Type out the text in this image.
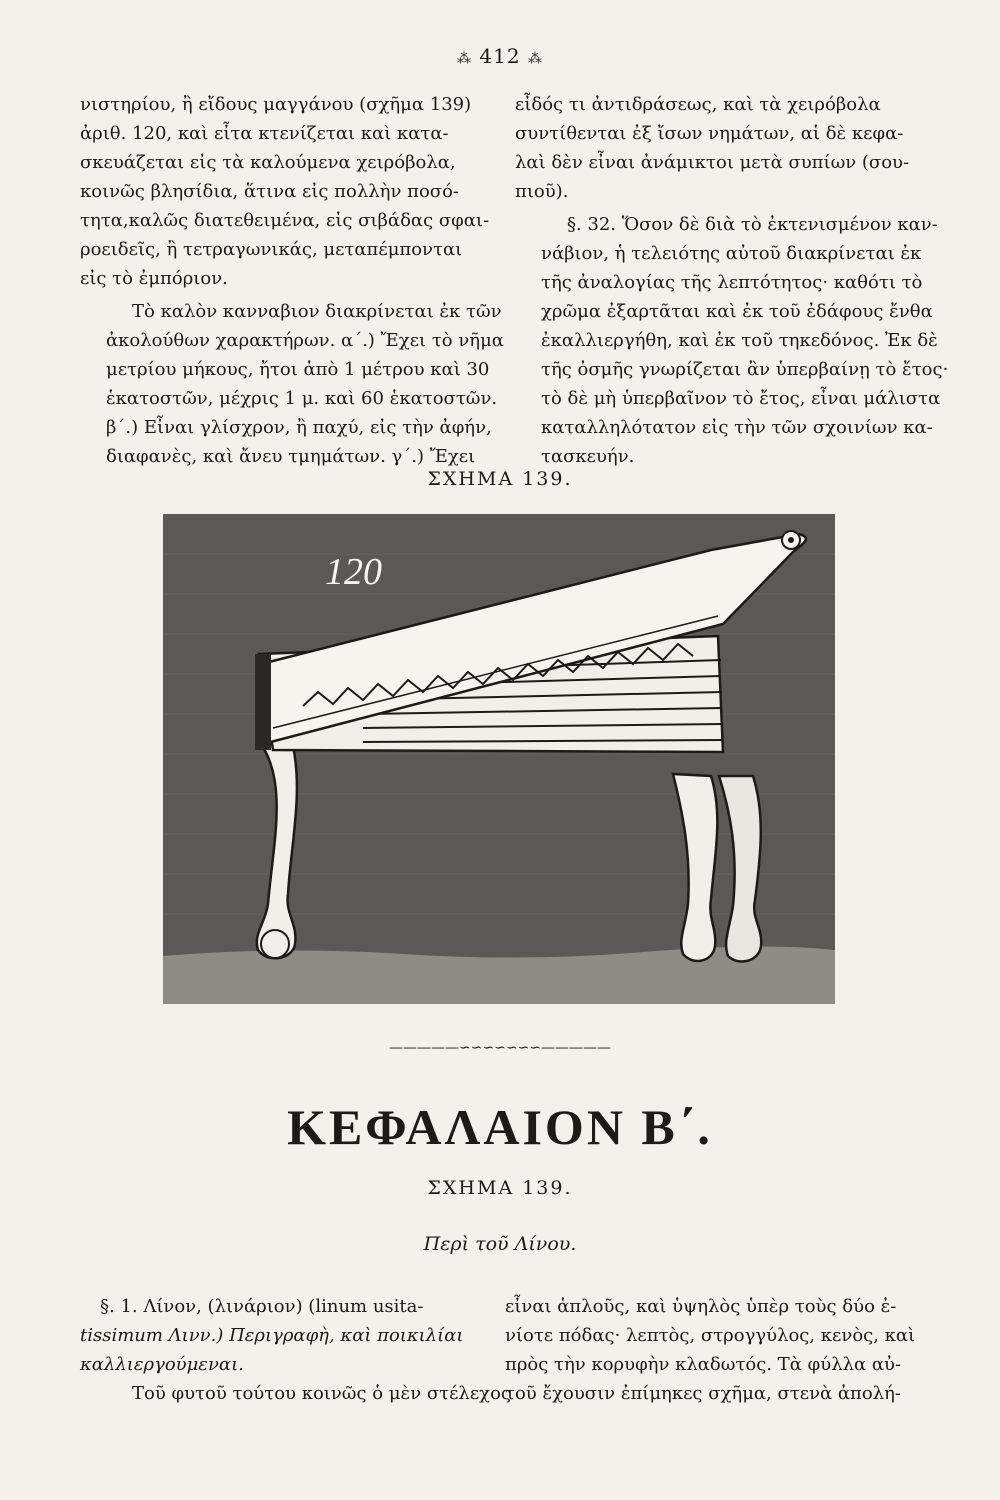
⁂ 412 ⁂

νιστηρίου, ἢ εἴδους μαγγάνου (σχῆμα 139)
ἀριθ. 120, καὶ εἶτα κτενίζεται καὶ κατα-
σκευάζεται εἰς τὰ καλούμενα χειρόβολα,
κοινῶς βλησίδια, ἅτινα εἰς πολλὴν ποσό-
τητα,καλῶς διατεθειμένα, εἰς σιβάδας σφαι-
ροειδεῖς, ἢ τετραγωνικάς, μεταπέμπονται
εἰς τὸ ἐμπόριον.

Τὸ καλὸν κανναβιον διακρίνεται ἐκ τῶν
ἀκολούθων χαρακτήρων. α΄.) Ἔχει τὸ νῆμα
μετρίου μήκους, ἤτοι ἀπὸ 1 μέτρου καὶ 30
ἑκατοστῶν, μέχρις 1 μ. καὶ 60 ἑκατοστῶν.
β΄.) Εἶναι γλίσχρον, ἢ παχύ, εἰς τὴν ἀφήν,
διαφανὲς, καὶ ἄνευ τμημάτων. γ΄.) Ἔχει

εἶδός τι ἀντιδράσεως, καὶ τὰ χειρόβολα
συντίθενται ἐξ ἴσων νημάτων, αἱ δὲ κεφα-
λαὶ δὲν εἶναι ἀνάμικτοι μετὰ συπίων (σου-
πιοῦ).

§. 32. Ὅσον δὲ διὰ τὸ ἐκτενισμένον καν-
νάβιον, ἡ τελειότης αὐτοῦ διακρίνεται ἐκ
τῆς ἀναλογίας τῆς λεπτότητος· καθότι τὸ
χρῶμα ἐξαρτᾶται καὶ ἐκ τοῦ ἐδάφους ἔνθα
ἐκαλλιεργήθη, καὶ ἐκ τοῦ τηκεδόνος. Ἐκ δὲ
τῆς ὀσμῆς γνωρίζεται ἂν ὑπερβαίνῃ τὸ ἔτος·
τὸ δὲ μὴ ὑπερβαῖνον τὸ ἔτος, εἶναι μάλιστα
καταλληλότατον εἰς τὴν τῶν σχοινίων κα-
τασκευήν.

ΣΧΗΜΑ 139.
120
—————∽∽∽∽∽∽∽—————
ΚΕΦΑΛΑΙΟΝ Β΄.
ΣΧΗΜΑ 139.
Περὶ τοῦ Λίνου.

§. 1. Λίνον, (λινάριον) (linum usita-
tissimum Λινν.) Περιγραφὴ, καὶ ποικιλίαι
καλλιεργούμεναι.

Τοῦ φυτοῦ τούτου κοινῶς ὁ μὲν στέλεχος

εἶναι ἁπλοῦς, καὶ ὑψηλὸς ὑπὲρ τοὺς δύο ἐ-
νίοτε πόδας· λεπτὸς, στρογγύλος, κενὸς, καὶ
πρὸς τὴν κορυφὴν κλαδωτός. Τὰ φύλλα αὐ-
τοῦ ἔχουσιν ἐπίμηκες σχῆμα, στενὰ ἀπολή-
